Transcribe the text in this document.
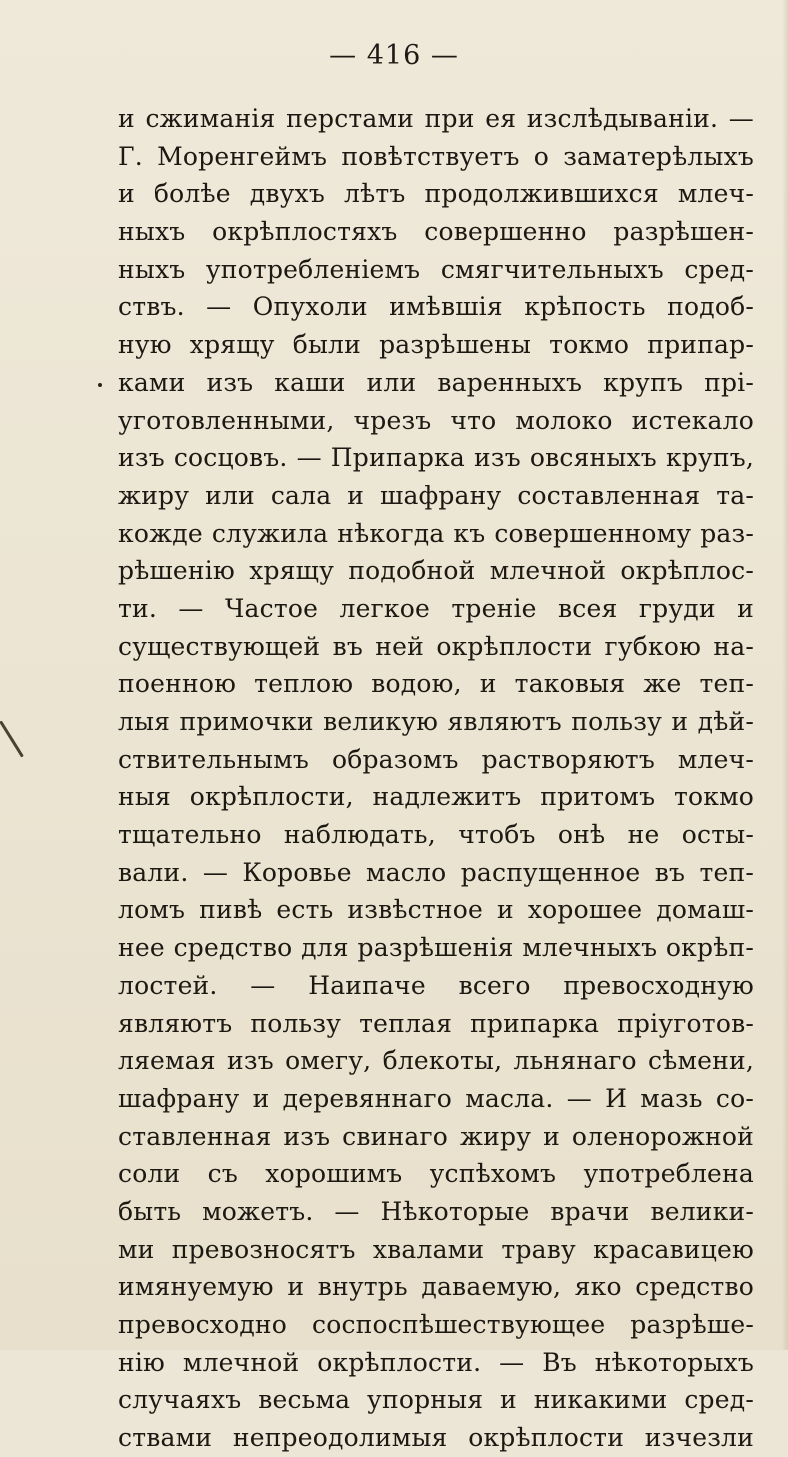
— 416 —
и сжиманія перстами при ея изслѣдываніи. —
Г. Моренгеймъ повѣтствуетъ о заматерѣлыхъ
и болѣе двухъ лѣтъ продолжившихся млеч-
ныхъ окрѣплостяхъ совершенно разрѣшен-
ныхъ употребленіемъ смягчительныхъ сред-
ствъ. — Опухоли имѣвшія крѣпость подоб-
ную хрящу были разрѣшены токмо припар-
ками изъ каши или варенныхъ крупъ прі-
уготовленными, чрезъ что молоко истекало
изъ сосцовъ. — Припарка изъ овсяныхъ крупъ,
жиру или сала и шафрану составленная та-
кожде служила нѣкогда къ совершенному раз-
рѣшенію хрящу подобной млечной окрѣплос-
ти. — Частое легкое треніе всея груди и
существующей въ ней окрѣплости губкою на-
поенною теплою водою, и таковыя же теп-
лыя примочки великую являютъ пользу и дѣй-
ствительнымъ образомъ растворяютъ млеч-
ныя окрѣплости, надлежитъ притомъ токмо
тщательно наблюдать, чтобъ онѣ не осты-
вали. — Коровье масло распущенное въ теп-
ломъ пивѣ есть извѣстное и хорошее домаш-
нее средство для разрѣшенія млечныхъ окрѣп-
лостей. — Наипаче всего превосходную
являютъ пользу теплая припарка пріуготов-
ляемая изъ омегу, блекоты, льнянаго сѣмени,
шафрану и деревяннаго масла. — И мазь со-
ставленная изъ свинаго жиру и оленорожной
соли съ хорошимъ успѣхомъ употреблена
быть можетъ. — Нѣкоторые врачи велики-
ми превозносятъ хвалами траву красавицею
имянуемую и внутрь даваемую, яко средство
превосходно соспоспѣшествующее разрѣше-
нію млечной окрѣплости. — Въ нѣкоторыхъ
случаяхъ весьма упорныя и никакими сред-
ствами непреодолимыя окрѣплости изчезли
